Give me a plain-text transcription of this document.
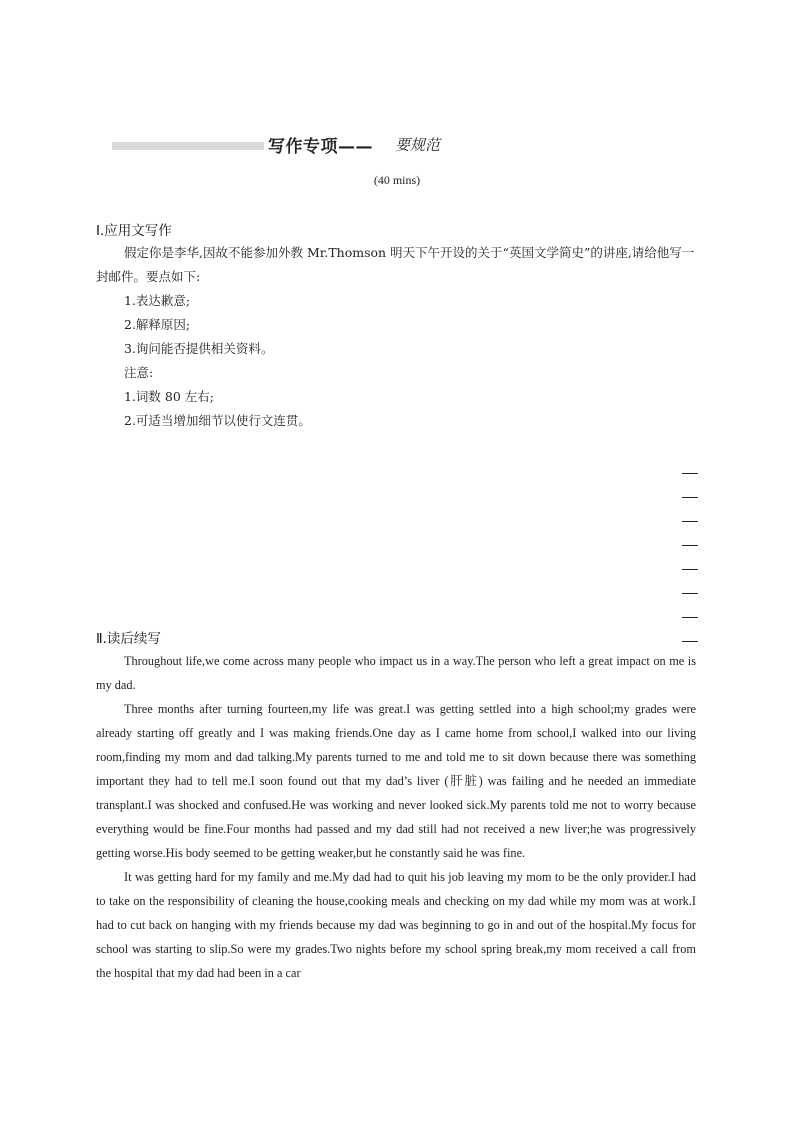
写作专项—— 要规范
(40 mins)
Ⅰ.应用文写作
假定你是李华,因故不能参加外教 Mr.Thomson 明天下午开设的关于“英国文学简史”的讲座,请给他写一封邮件。要点如下:
1.表达歉意;
2.解释原因;
3.询问能否提供相关资料。
注意:
1.词数 80 左右;
2.可适当增加细节以使行文连贯。
Ⅱ.读后续写

Throughout life,we come across many people who impact us in a way.The person who left a great impact on me is my dad.

Three months after turning fourteen,my life was great.I was getting settled into a high school;my grades were already starting off greatly and I was making friends.One day as I came home from school,I walked into our living room,finding my mom and dad talking.My parents turned to me and told me to sit down because there was something important they had to tell me.I soon found out that my dad’s liver (肝脏) was failing and he needed an immediate transplant.I was shocked and confused.He was working and never looked sick.My parents told me not to worry because everything would be fine.Four months had passed and my dad still had not received a new liver;he was progressively getting worse.His body seemed to be getting weaker,but he constantly said he was fine.

It was getting hard for my family and me.My dad had to quit his job leaving my mom to be the only provider.I had to take on the responsibility of cleaning the house,cooking meals and checking on my dad while my mom was at work.I had to cut back on hanging with my friends because my dad was beginning to go in and out of the hospital.My focus for school was starting to slip.So were my grades.Two nights before my school spring break,my mom received a call from the hospital that my dad had been in a car
